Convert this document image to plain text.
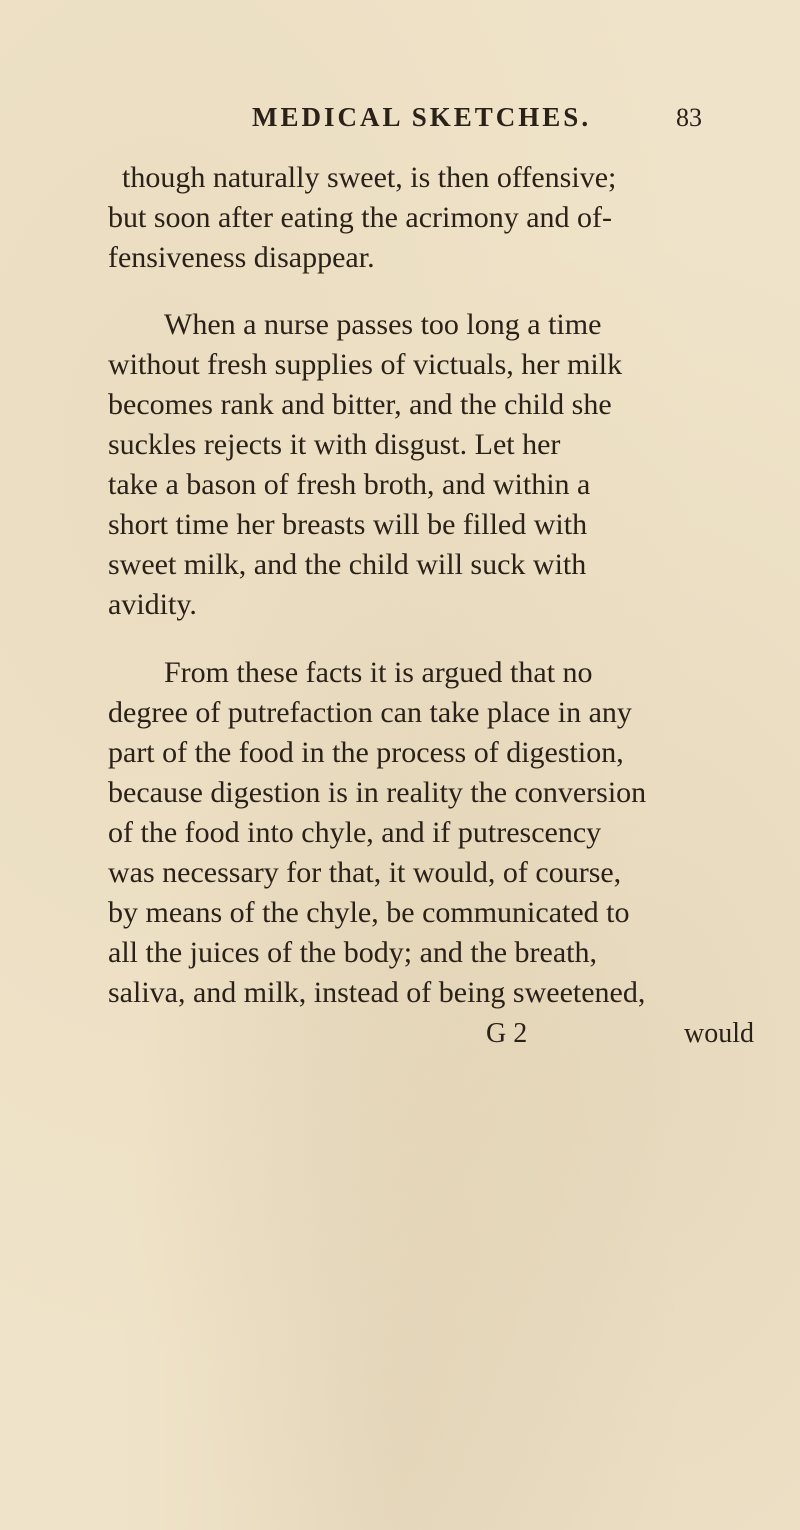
MEDICAL SKETCHES.	83
though naturally sweet, is then offensive;
but soon after eating the acrimony and of-
fensiveness disappear.
When a nurse passes too long a time
without fresh supplies of victuals, her milk
becomes rank and bitter, and the child she
suckles rejects it with disgust. Let her
take a bason of fresh broth, and within a
short time her breasts will be filled with
sweet milk, and the child will suck with
avidity.
From these facts it is argued that no
degree of putrefaction can take place in any
part of the food in the process of digestion,
because digestion is in reality the conversion
of the food into chyle, and if putrescency
was necessary for that, it would, of course,
by means of the chyle, be communicated to
all the juices of the body; and the breath,
saliva, and milk, instead of being sweetened,
G 2	would
